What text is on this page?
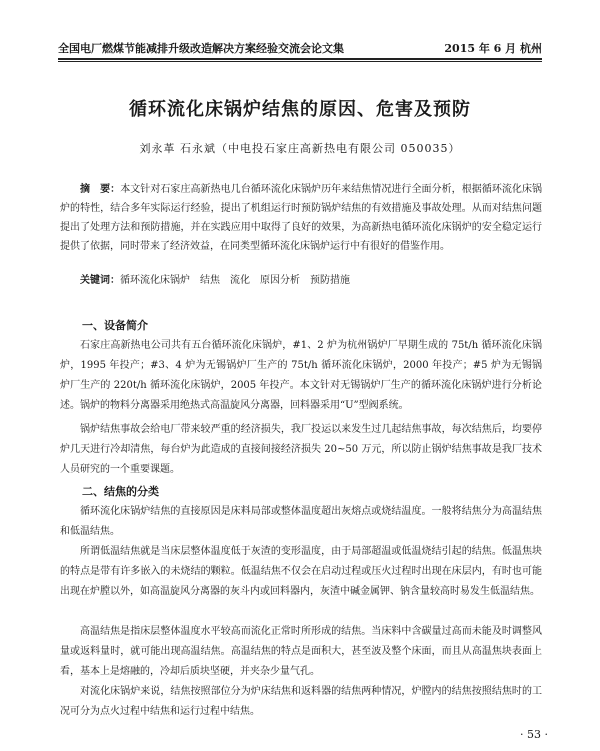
全国电厂燃煤节能减排升级改造解决方案经验交流会论文集	2015 年 6 月 杭州
循环流化床锅炉结焦的原因、危害及预防
刘永革 石永斌（中电投石家庄高新热电有限公司 050035）
摘　要：本文针对石家庄高新热电几台循环流化床锅炉历年来结焦情况进行全面分析，根据循环流化床锅炉的特性，结合多年实际运行经验，提出了机组运行时预防锅炉结焦的有效措施及事故处理。从而对结焦问题提出了处理方法和预防措施，并在实践应用中取得了良好的效果，为高新热电循环流化床锅炉的安全稳定运行提供了依据，同时带来了经济效益，在同类型循环流化床锅炉运行中有很好的借鉴作用。
关键词：循环流化床锅炉　结焦　流化　原因分析　预防措施
一、设备简介

石家庄高新热电公司共有五台循环流化床锅炉，#1、2 炉为杭州锅炉厂早期生成的 75t/h 循环流化床锅炉，1995 年投产；#3、4 炉为无锡锅炉厂生产的 75t/h 循环流化床锅炉，2000 年投产；#5 炉为无锡锅炉厂生产的 220t/h 循环流化床锅炉，2005 年投产。本文针对无锡锅炉厂生产的循环流化床锅炉进行分析论述。锅炉的物料分离器采用绝热式高温旋风分离器，回料器采用“U”型阀系统。

锅炉结焦事故会给电厂带来较严重的经济损失，我厂投运以来发生过几起结焦事故，每次结焦后，均要停炉几天进行冷却清焦，每台炉为此造成的直接间接经济损失 20~50 万元，所以防止锅炉结焦事故是我厂技术人员研究的一个重要课题。

二、结焦的分类

循环流化床锅炉结焦的直接原因是床料局部或整体温度超出灰熔点或烧结温度。一般将结焦分为高温结焦和低温结焦。

所谓低温结焦就是当床层整体温度低于灰渣的变形温度，由于局部超温或低温烧结引起的结焦。低温焦块的特点是带有许多嵌入的未烧结的颗粒。低温结焦不仅会在启动过程或压火过程时出现在床层内，有时也可能出现在炉膛以外，如高温旋风分离器的灰斗内或回料器内，灰渣中碱金属钾、钠含量较高时易发生低温结焦。

高温结焦是指床层整体温度水平较高而流化正常时所形成的结焦。当床料中含碳量过高而未能及时调整风量或返料量时，就可能出现高温结焦。高温结焦的特点是面积大，甚至波及整个床面，而且从高温焦块表面上看，基本上是熔融的，冷却后质块坚硬，并夹杂少量气孔。

对流化床锅炉来说，结焦按照部位分为炉床结焦和返料器的结焦两种情况，炉膛内的结焦按照结焦时的工况可分为点火过程中结焦和运行过程中结焦。

· 53 ·
